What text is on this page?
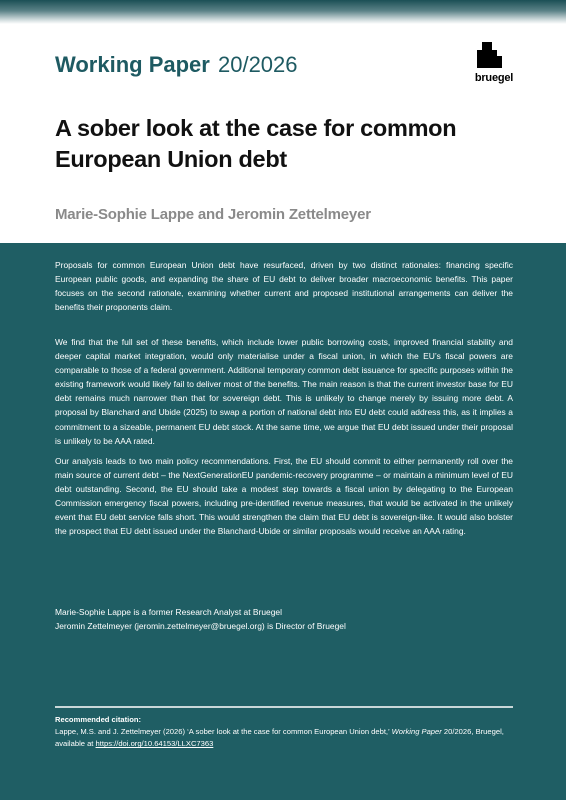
Working Paper 20/2026
bruegel
A sober look at the case for common
European Union debt
Marie-Sophie Lappe and Jeromin Zettelmeyer

Proposals for common European Union debt have resurfaced, driven by two distinct rationales: financing specific European public goods, and expanding the share of EU debt to deliver broader macroeconomic benefits. This paper focuses on the second rationale, examining whether current and proposed institutional arrangements can deliver the benefits their proponents claim.

We find that the full set of these benefits, which include lower public borrowing costs, improved financial stability and deeper capital market integration, would only materialise under a fiscal union, in which the EU’s fiscal powers are comparable to those of a federal government. Additional temporary common debt issuance for specific purposes within the existing framework would likely fail to deliver most of the benefits. The main reason is that the current investor base for EU debt remains much narrower than that for sovereign debt. This is unlikely to change merely by issuing more debt. A proposal by Blanchard and Ubide (2025) to swap a portion of national debt into EU debt could address this, as it implies a commitment to a sizeable, permanent EU debt stock. At the same time, we argue that EU debt issued under their proposal is unlikely to be AAA rated.

Our analysis leads to two main policy recommendations. First, the EU should commit to either permanently roll over the main source of current debt – the NextGenerationEU pandemic-recovery programme – or maintain a minimum level of EU debt outstanding. Second, the EU should take a modest step towards a fiscal union by delegating to the European Commission emergency fiscal powers, including pre-identified revenue measures, that would be activated in the unlikely event that EU debt service falls short. This would strengthen the claim that EU debt is sovereign-like. It would also bolster the prospect that EU debt issued under the Blanchard-Ubide or similar proposals would receive an AAA rating.

Marie-Sophie Lappe is a former Research Analyst at Bruegel
Jeromin Zettelmeyer (jeromin.zettelmeyer@bruegel.org) is Director of Bruegel
Recommended citation:
Lappe, M.S. and J. Zettelmeyer (2026) ‘A sober look at the case for common European Union debt,’ Working Paper 20/2026, Bruegel, available at https://doi.org/10.64153/LLXC7363
